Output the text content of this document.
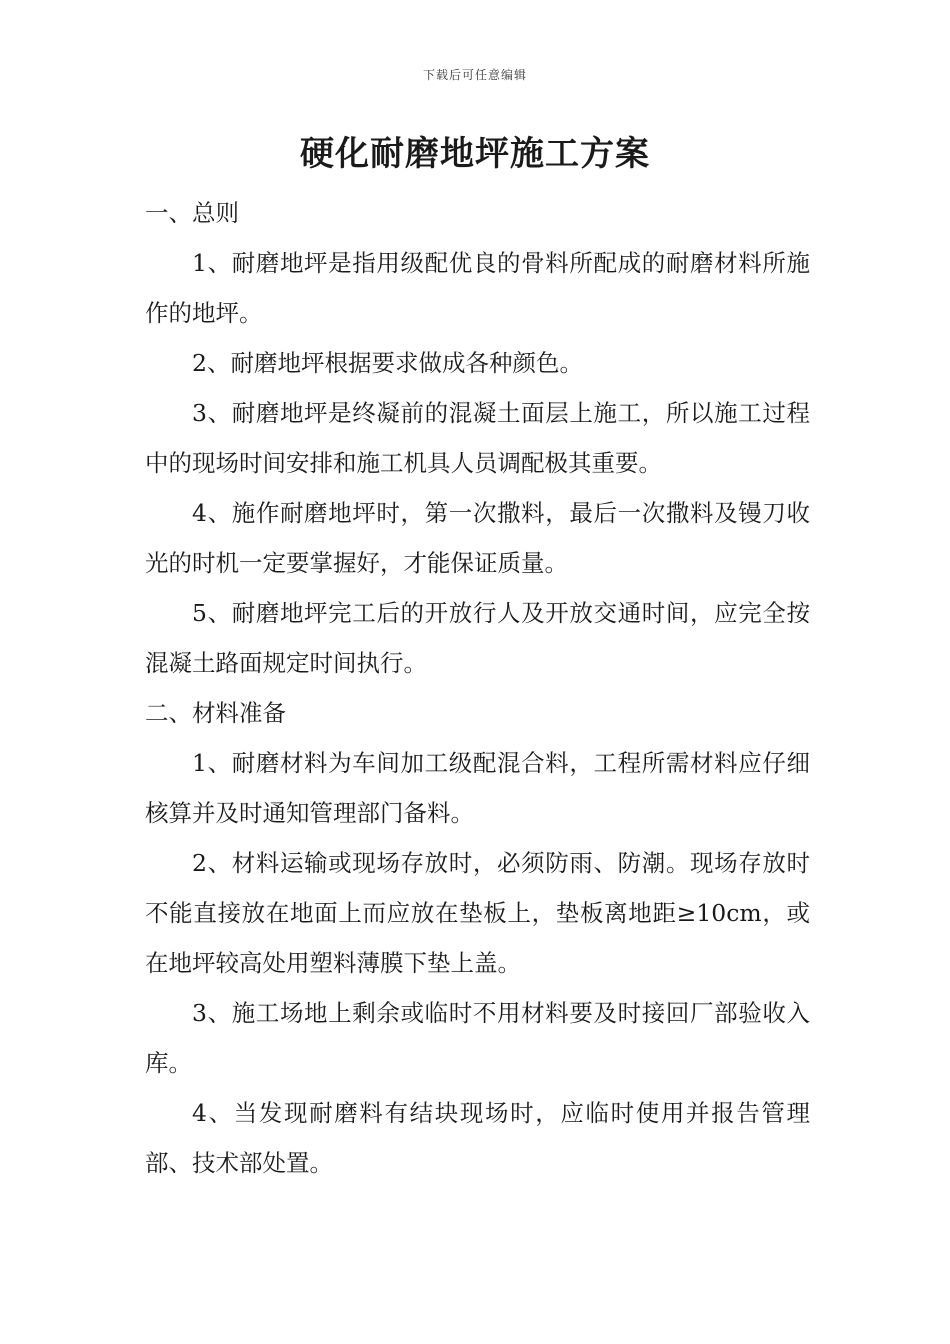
下载后可任意编辑
硬化耐磨地坪施工方案

一、总则

1、耐磨地坪是指用级配优良的骨料所配成的耐磨材料所施作的地坪。

2、耐磨地坪根据要求做成各种颜色。

3、耐磨地坪是终凝前的混凝土面层上施工，所以施工过程中的现场时间安排和施工机具人员调配极其重要。

4、施作耐磨地坪时，第一次撒料，最后一次撒料及镘刀收光的时机一定要掌握好，才能保证质量。

5、耐磨地坪完工后的开放行人及开放交通时间，应完全按混凝土路面规定时间执行。

二、材料准备

1、耐磨材料为车间加工级配混合料，工程所需材料应仔细核算并及时通知管理部门备料。

2、材料运输或现场存放时，必须防雨、防潮。现场存放时不能直接放在地面上而应放在垫板上，垫板离地距≥10cm，或在地坪较高处用塑料薄膜下垫上盖。

3、施工场地上剩余或临时不用材料要及时接回厂部验收入库。

4、当发现耐磨料有结块现场时，应临时使用并报告管理部、技术部处置。
